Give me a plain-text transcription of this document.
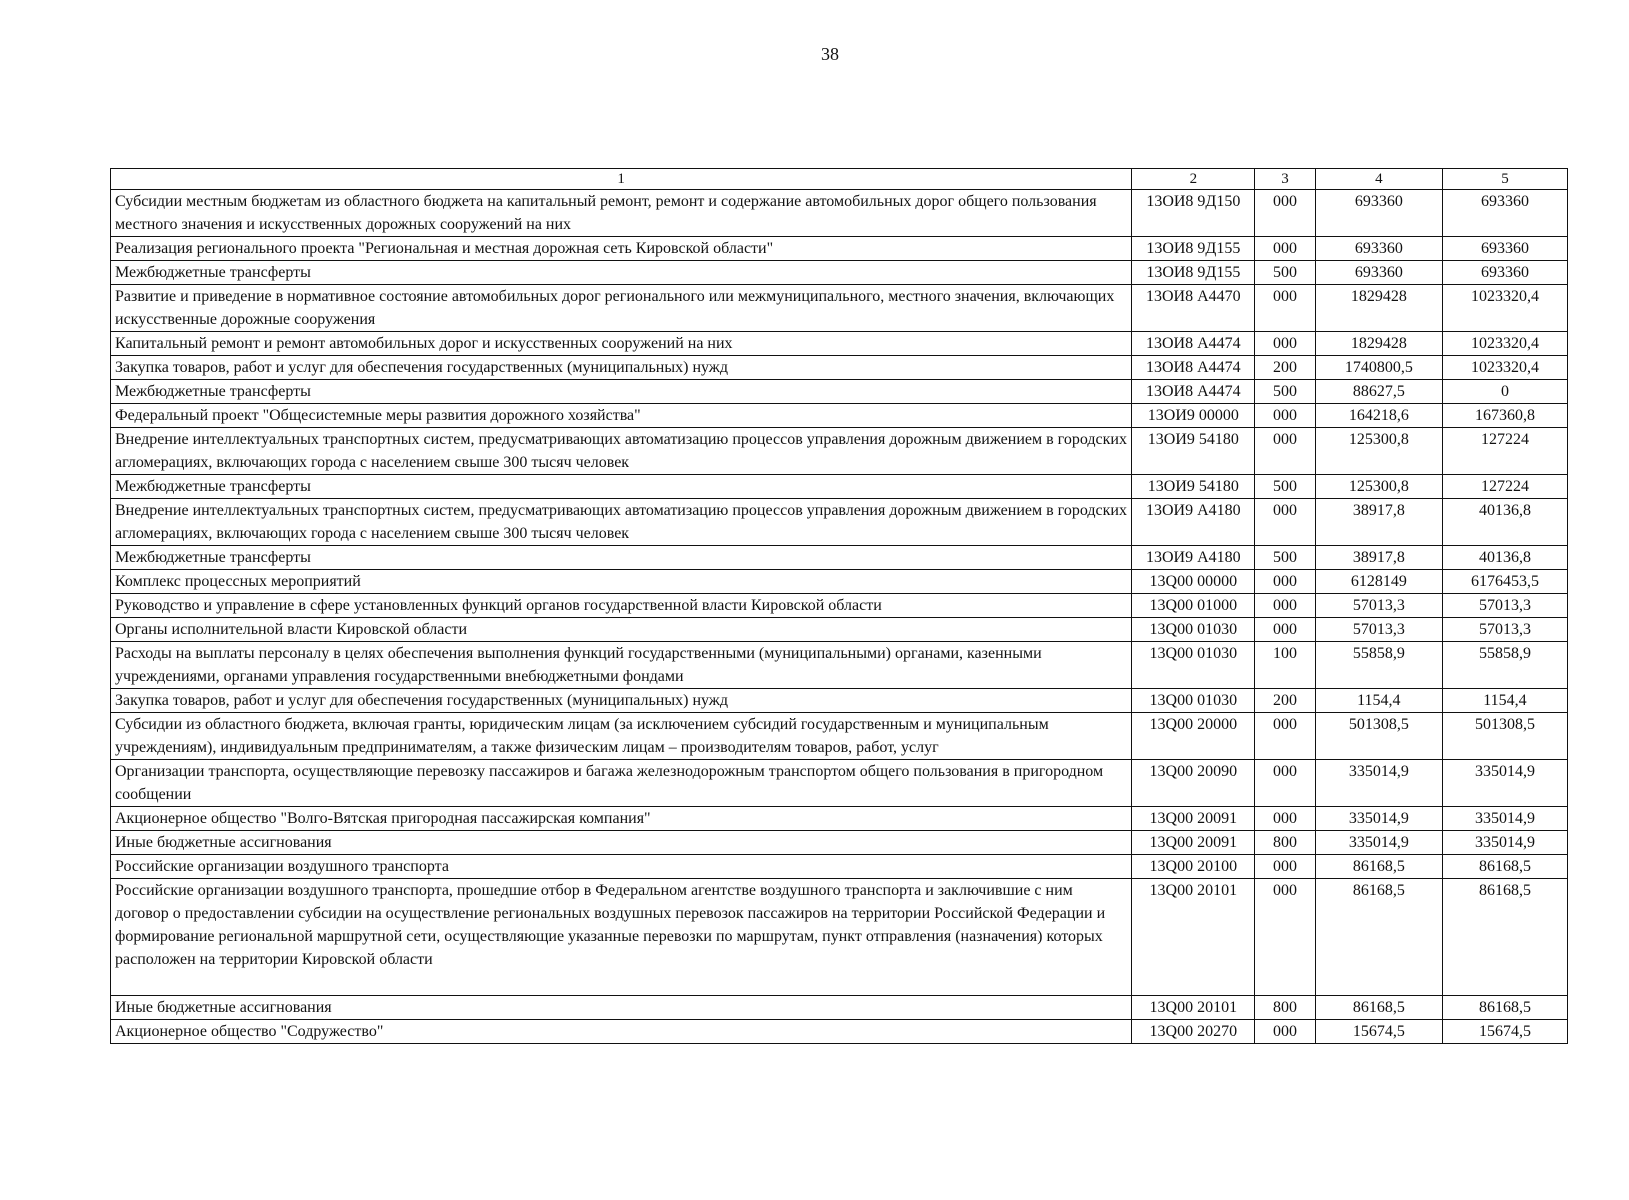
38
1	2	3	4	5
Субсидии местным бюджетам из областного бюджета на капитальный ремонт, ремонт и содержание автомобильных дорог общего пользования местного значения и искусственных дорожных сооружений на них	13ОИ8 9Д150	000	693360	693360
Реализация регионального проекта "Региональная и местная дорожная сеть Кировской области"	13ОИ8 9Д155	000	693360	693360
Межбюджетные трансферты	13ОИ8 9Д155	500	693360	693360
Развитие и приведение в нормативное состояние автомобильных дорог регионального или межмуниципального, местного значения, включающих искусственные дорожные сооружения	13ОИ8 А4470	000	1829428	1023320,4
Капитальный ремонт и ремонт автомобильных дорог и искусственных сооружений на них	13ОИ8 А4474	000	1829428	1023320,4
Закупка товаров, работ и услуг для обеспечения государственных (муниципальных) нужд	13ОИ8 А4474	200	1740800,5	1023320,4
Межбюджетные трансферты	13ОИ8 А4474	500	88627,5	0
Федеральный проект "Общесистемные меры развития дорожного хозяйства"	13ОИ9 00000	000	164218,6	167360,8
Внедрение интеллектуальных транспортных систем, предусматривающих автоматизацию процессов управления дорожным движением в городских агломерациях, включающих города с населением свыше 300 тысяч человек	13ОИ9 54180	000	125300,8	127224
Межбюджетные трансферты	13ОИ9 54180	500	125300,8	127224
Внедрение интеллектуальных транспортных систем, предусматривающих автоматизацию процессов управления дорожным движением в городских агломерациях, включающих города с населением свыше 300 тысяч человек	13ОИ9 А4180	000	38917,8	40136,8
Межбюджетные трансферты	13ОИ9 А4180	500	38917,8	40136,8
Комплекс процессных мероприятий	13Q00 00000	000	6128149	6176453,5
Руководство и управление в сфере установленных функций органов государственной власти Кировской области	13Q00 01000	000	57013,3	57013,3
Органы исполнительной власти Кировской области	13Q00 01030	000	57013,3	57013,3
Расходы на выплаты персоналу в целях обеспечения выполнения функций государственными (муниципальными) органами, казенными учреждениями, органами управления государственными внебюджетными фондами	13Q00 01030	100	55858,9	55858,9
Закупка товаров, работ и услуг для обеспечения государственных (муниципальных) нужд	13Q00 01030	200	1154,4	1154,4
Субсидии из областного бюджета, включая гранты, юридическим лицам (за исключением субсидий государственным и муниципальным учреждениям), индивидуальным предпринимателям, а также физическим лицам – производителям товаров, работ, услуг	13Q00 20000	000	501308,5	501308,5
Организации транспорта, осуществляющие перевозку пассажиров и багажа железнодорожным транспортом общего пользования в пригородном сообщении	13Q00 20090	000	335014,9	335014,9
Акционерное общество "Волго-Вятская пригородная пассажирская компания"	13Q00 20091	000	335014,9	335014,9
Иные бюджетные ассигнования	13Q00 20091	800	335014,9	335014,9
Российские организации воздушного транспорта	13Q00 20100	000	86168,5	86168,5
Российские организации воздушного транспорта, прошедшие отбор в Федеральном агентстве воздушного транспорта и заключившие с ним договор о предоставлении субсидии на осуществление региональных воздушных перевозок пассажиров на территории Российской Федерации и формирование региональной маршрутной сети, осуществляющие указанные перевозки по маршрутам, пункт отправления (назначения) которых расположен на территории Кировской области	13Q00 20101	000	86168,5	86168,5
Иные бюджетные ассигнования	13Q00 20101	800	86168,5	86168,5
Акционерное общество "Содружество"	13Q00 20270	000	15674,5	15674,5
